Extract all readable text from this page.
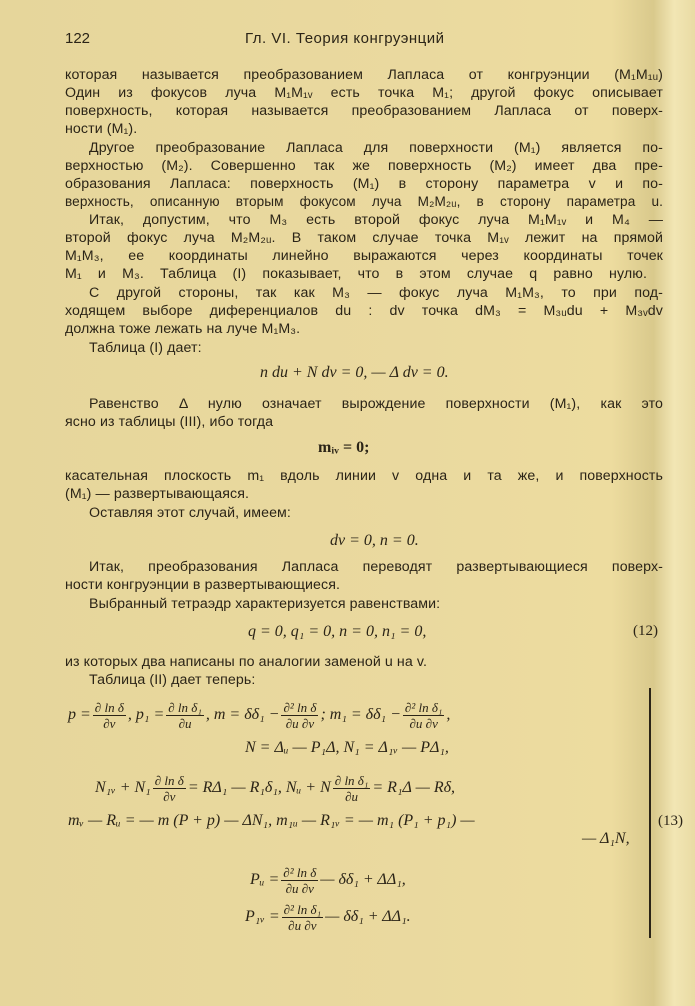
122	Гл. VI. Теория конгруэнций
которая называется преобразованием Лапласа от конгруэнции (M₁M₁ᵤ)
Один из фокусов луча M₁M₁ᵥ есть точка M₁; другой фокус описывает
поверхность, которая называется преобразованием Лапласа от поверх-
ности (M₁).
Другое преобразование Лапласа для поверхности (M₁) является по-
верхностью (M₂). Совершенно так же поверхность (M₂) имеет два пре-
образования Лапласа: поверхность (M₁) в сторону параметра v и по-
верхность, описанную вторым фокусом луча M₂M₂ᵤ, в сторону параметра u.
Итак, допустим, что M₃ есть второй фокус луча M₁M₁ᵥ и M₄ —
второй фокус луча M₂M₂ᵤ. В таком случае точка M₁ᵥ лежит на прямой
M₁M₃, ее координаты линейно выражаются через координаты точек
M₁ и M₃. Таблица (I) показывает, что в этом случае q равно нулю.
С другой стороны, так как M₃ — фокус луча M₁M₃, то при под-
ходящем выборе диференциалов du : dv точка dM₃ = M₃ᵤdu + M₃ᵥdv
должна тоже лежать на луче M₁M₃.
Таблица (I) дает:
n du + N dv = 0, — Δ dv = 0.
Равенство Δ нулю означает вырождение поверхности (M₁), как это
ясно из таблицы (III), ибо тогда
mᵢᵥ = 0;
касательная плоскость m₁ вдоль линии v одна и та же, и поверхность
(M₁) — развертывающаяся.
Оставляя этот случай, имеем:
dv = 0, n = 0.
Итак, преобразования Лапласа переводят развертывающиеся поверх-
ности конгруэнции в развертывающиеся.
Выбранный тетраэдр характеризуется равенствами:
q = 0, q₁ = 0, n = 0, n₁ = 0,	(12)
из которых два написаны по аналогии заменой u на v.
Таблица (II) дает теперь:
$p = \frac{\text{∂ ln δ}}{\partial v}$ , $p_1 = \frac{\text{∂ ln δ₁}}{\partial u}$ , $m = \delta\delta_1 - \frac{\text{∂² ln δ}}{\partial u \partial v}$ ; $m_1 = \delta\delta_1 - \frac{\text{∂² ln δ₁}}{\partial u \partial v}$ ,
N = Δᵤ — P₁Δ, N₁ = Δ₁ᵥ — PΔ₁,
N₁ᵥ + $N_1 \frac{\text{∂ ln δ}}{\partial v} = R\Delta_1$ — R₁δ₁, Nᵤ + N $\frac{\text{∂ ln δ₁}}{\partial u} = R_1\Delta$ — Rδ,
mᵥ — Rᵤ = — m (P + p) — ΔN₁, m₁ᵤ — R₁ᵥ = — m₁ (P₁ + p₁) —
— Δ₁N,
(13)
Pᵤ = $\frac{\text{∂² ln δ}}{\partial u \partial v}$ — δδ₁ + ΔΔ₁,
P₁ᵥ = $\frac{\text{∂² ln δ₁}}{\partial u \partial v}$ — δδ₁ + ΔΔ₁.
